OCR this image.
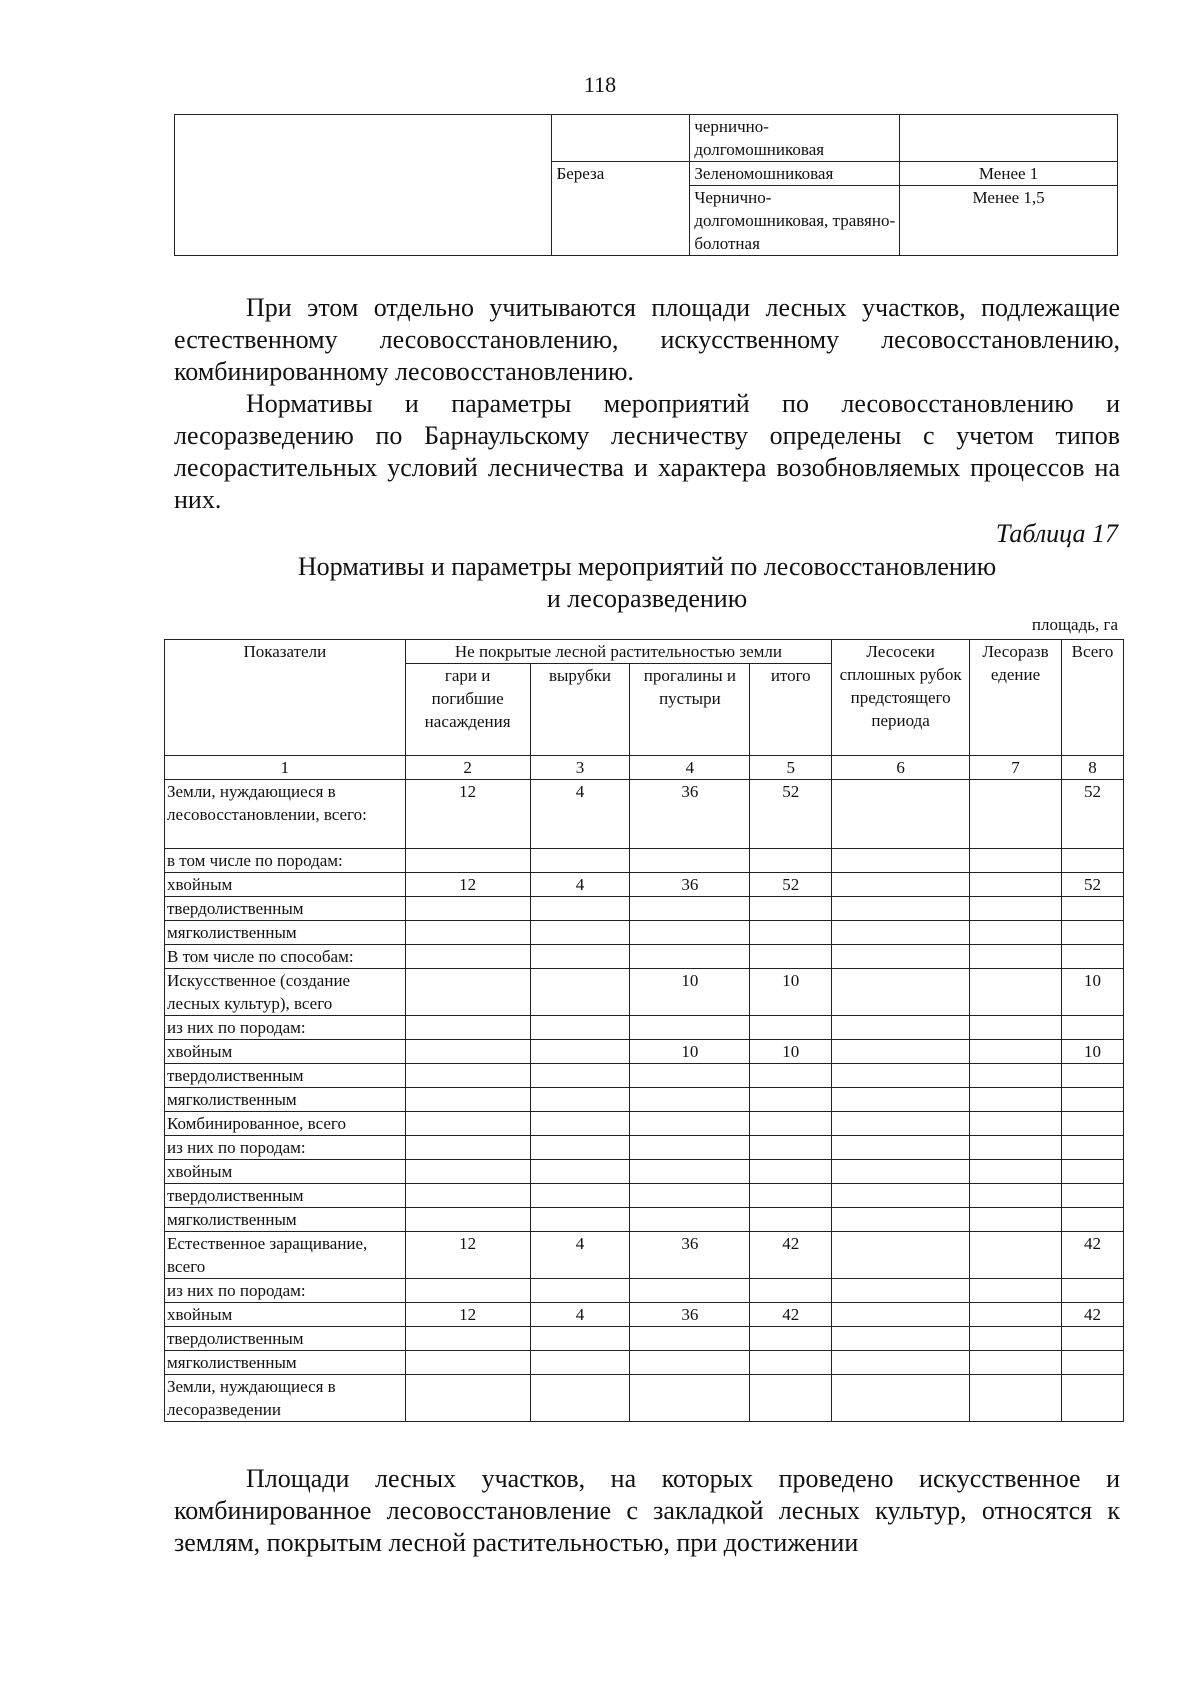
118
		чернично-долгомошниковая	
	Береза	Зеленомошниковая	Менее 1
		Чернично-долгомошниковая, травяно-болотная	Менее 1,5

При этом отдельно учитываются площади лесных участков, подлежащие естественному лесовосстановлению, искусственному лесовосстановлению, комбинированному лесовосстановлению.

Нормативы и параметры мероприятий по лесовосстановлению и лесоразведению по Барнаульскому лесничеству определены с учетом типов лесорастительных условий лесничества и характера возобновляемых процессов на них.

Таблица 17
Нормативы и параметры мероприятий по лесовосстановлению
и лесоразведению
площадь, га
Показатели	Не покрытые лесной растительностью земли				Лесосеки сплошных рубок предстоящего периода	Лесоразв едение	Всего
	гари и погибшие насаждения	вырубки	прогалины и пустыри	итого			
1	2	3	4	5	6	7	8
Земли, нуждающиеся в лесовосстановлении, всего:	12	4	36	52			52
в том числе по породам:							
хвойным	12	4	36	52			52
твердолиственным							
мягколиственным							
В том числе по способам:							
Искусственное (создание лесных культур), всего			10	10			10
из них по породам:							
хвойным			10	10			10
твердолиственным							
мягколиственным							
Комбинированное, всего							
из них по породам:							
хвойным							
твердолиственным							
мягколиственным							
Естественное заращивание, всего	12	4	36	42			42
из них по породам:							
хвойным	12	4	36	42			42
твердолиственным							
мягколиственным							
Земли, нуждающиеся в лесоразведении							

Площади лесных участков, на которых проведено искусственное и комбинированное лесовосстановление с закладкой лесных культур, относятся к землям, покрытым лесной растительностью, при достижении
